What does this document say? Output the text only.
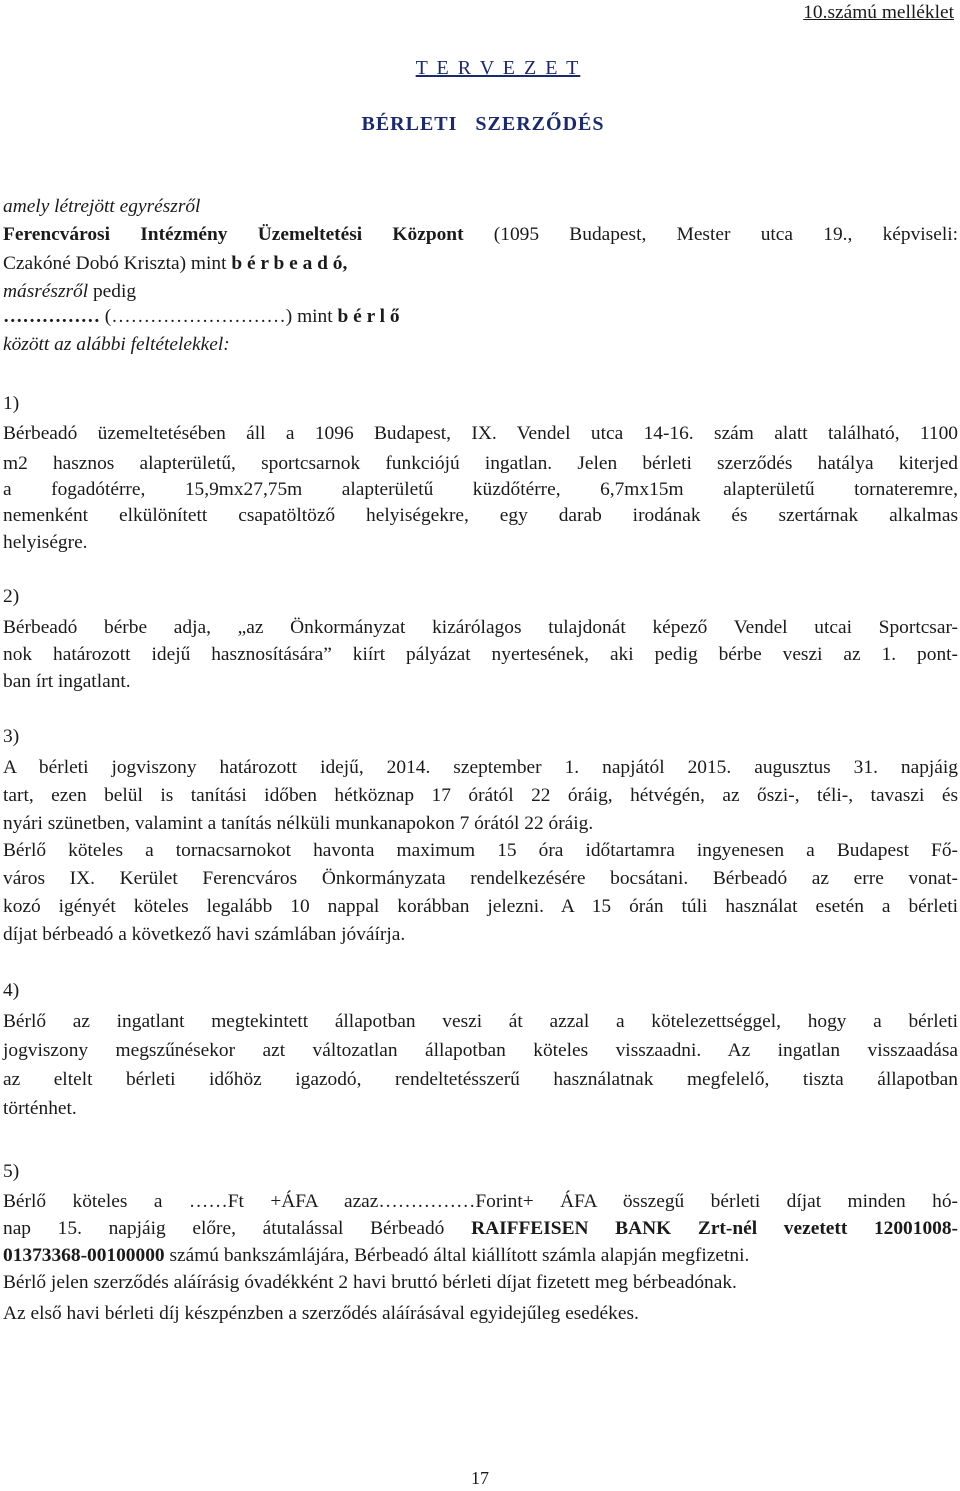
10.számú melléklet
T E R V E Z E T
BÉRLETI   SZERZŐDÉS

amely létrejött egyrészről

Ferencvárosi Intézmény Üzemeltetési Központ (1095 Budapest, Mester utca 19., képviseli:

Czakóné Dobó Kriszta) mint b é r b e a d ó,

másrészről pedig

…………… (………………………) mint b é r l ő

között az alábbi feltételekkel:

1)

Bérbeadó üzemeltetésében áll a 1096 Budapest, IX. Vendel utca 14-16. szám alatt található, 1100

m2 hasznos alapterületű, sportcsarnok funkciójú ingatlan. Jelen bérleti szerződés hatálya kiterjed

a fogadótérre, 15,9mx27,75m alapterületű küzdőtérre, 6,7mx15m alapterületű tornateremre,

nemenként elkülönített csapatöltöző helyiségekre, egy darab irodának és szertárnak alkalmas

helyiségre.

2)

Bérbeadó bérbe adja, „az Önkormányzat kizárólagos tulajdonát képező Vendel utcai Sportcsar-

nok határozott idejű hasznosítására” kiírt pályázat nyertesének, aki pedig bérbe veszi az 1. pont-

ban írt ingatlant.

3)

A bérleti jogviszony határozott idejű, 2014. szeptember 1. napjától 2015. augusztus 31. napjáig

tart, ezen belül is tanítási időben hétköznap 17 órától 22 óráig, hétvégén, az őszi-, téli-, tavaszi és

nyári szünetben, valamint a tanítás nélküli munkanapokon 7 órától 22 óráig.

Bérlő köteles a tornacsarnokot havonta maximum 15 óra időtartamra ingyenesen a Budapest Fő-

város IX. Kerület Ferencváros Önkormányzata rendelkezésére bocsátani. Bérbeadó az erre vonat-

kozó igényét köteles legalább 10 nappal korábban jelezni. A 15 órán túli használat esetén a bérleti

díjat bérbeadó a következő havi számlában jóváírja.

4)

Bérlő az ingatlant megtekintett állapotban veszi át azzal a kötelezettséggel, hogy a bérleti

jogviszony megszűnésekor azt változatlan állapotban köteles visszaadni. Az ingatlan visszaadása

az eltelt bérleti időhöz igazodó, rendeltetésszerű használatnak megfelelő, tiszta állapotban

történhet.

5)

Bérlő köteles a ……Ft +ÁFA azaz……………Forint+ ÁFA összegű bérleti díjat minden hó-

nap 15. napjáig előre, átutalással Bérbeadó RAIFFEISEN BANK Zrt-nél vezetett 12001008-

01373368-00100000 számú bankszámlájára, Bérbeadó által kiállított számla alapján megfizetni.

Bérlő jelen szerződés aláírásig óvadékként 2 havi bruttó bérleti díjat fizetett meg bérbeadónak.

Az első havi bérleti díj készpénzben a szerződés aláírásával egyidejűleg esedékes.

17
